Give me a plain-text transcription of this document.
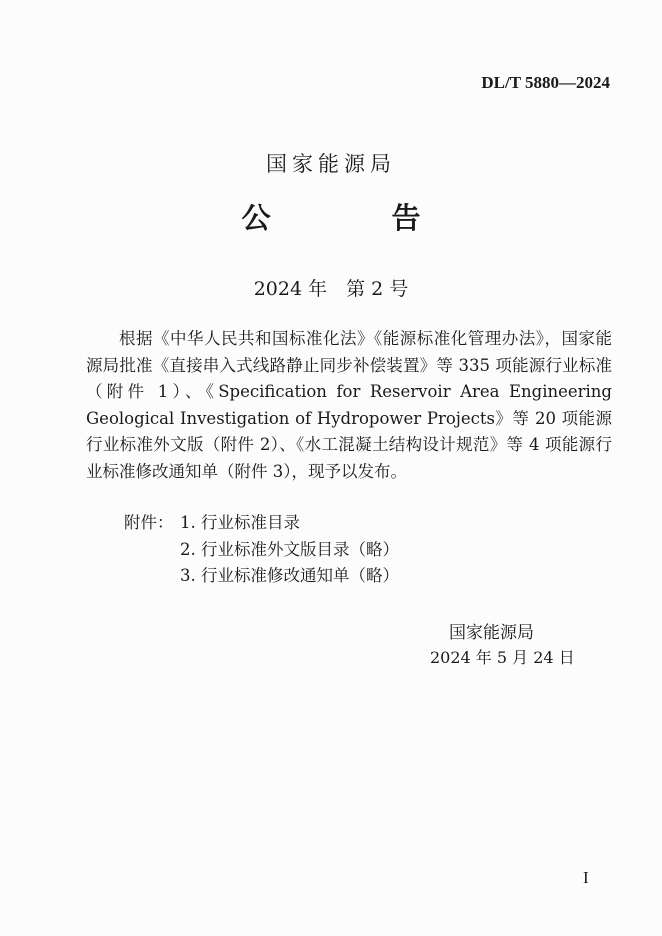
DL/T 5880—2024
国家能源局
公　告
2024 年　第 2 号

根据《中华人民共和国标准化法》《能源标准化管理办法》，国家能源局批准《直接串入式线路静止同步补偿装置》等 335 项能源行业标准（附件 1）、《Specification for Reservoir Area Engineering Geological Investigation of Hydropower Projects》等 20 项能源行业标准外文版（附件 2）、《水工混凝土结构设计规范》等 4 项能源行业标准修改通知单（附件 3），现予以发布。

附件： 1. 行业标准目录
2. 行业标准外文版目录（略）
3. 行业标准修改通知单（略）
国家能源局
2024 年 5 月 24 日
I
